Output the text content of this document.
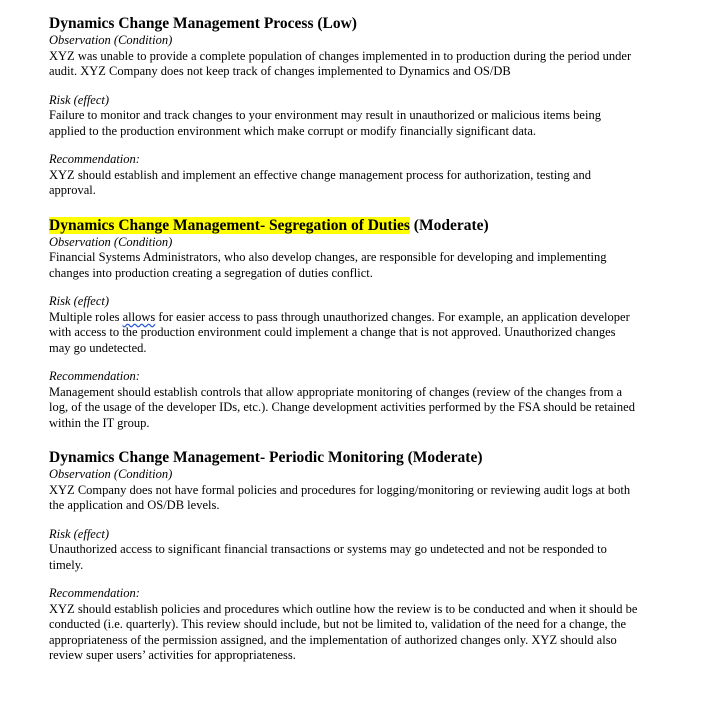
Dynamics Change Management Process (Low)

Observation (Condition)

XYZ was unable to provide a complete population of changes implemented in to production during the period under audit. XYZ Company does not keep track of changes implemented to Dynamics and OS/DB

Risk (effect)

Failure to monitor and track changes to your environment may result in unauthorized or malicious items being applied to the production environment which make corrupt or modify financially significant data.

Recommendation:

XYZ should establish and implement an effective change management process for authorization, testing and approval.

Dynamics Change Management- Segregation of Duties (Moderate)

Observation (Condition)

Financial Systems Administrators, who also develop changes, are responsible for developing and implementing changes into production creating a segregation of duties conflict.

Risk (effect)

Multiple roles allows for easier access to pass through unauthorized changes. For example, an application developer with access to the production environment could implement a change that is not approved. Unauthorized changes may go undetected.

Recommendation:

Management should establish controls that allow appropriate monitoring of changes (review of the changes from a log, of the usage of the developer IDs, etc.). Change development activities performed by the FSA should be retained within the IT group.

Dynamics Change Management- Periodic Monitoring (Moderate)

Observation (Condition)

XYZ Company does not have formal policies and procedures for logging/monitoring or reviewing audit logs at both the application and OS/DB levels.

Risk (effect)

Unauthorized access to significant financial transactions or systems may go undetected and not be responded to timely.

Recommendation:

XYZ should establish policies and procedures which outline how the review is to be conducted and when it should be conducted (i.e. quarterly). This review should include, but not be limited to, validation of the need for a change, the appropriateness of the permission assigned, and the implementation of authorized changes only. XYZ should also review super users’ activities for appropriateness.
